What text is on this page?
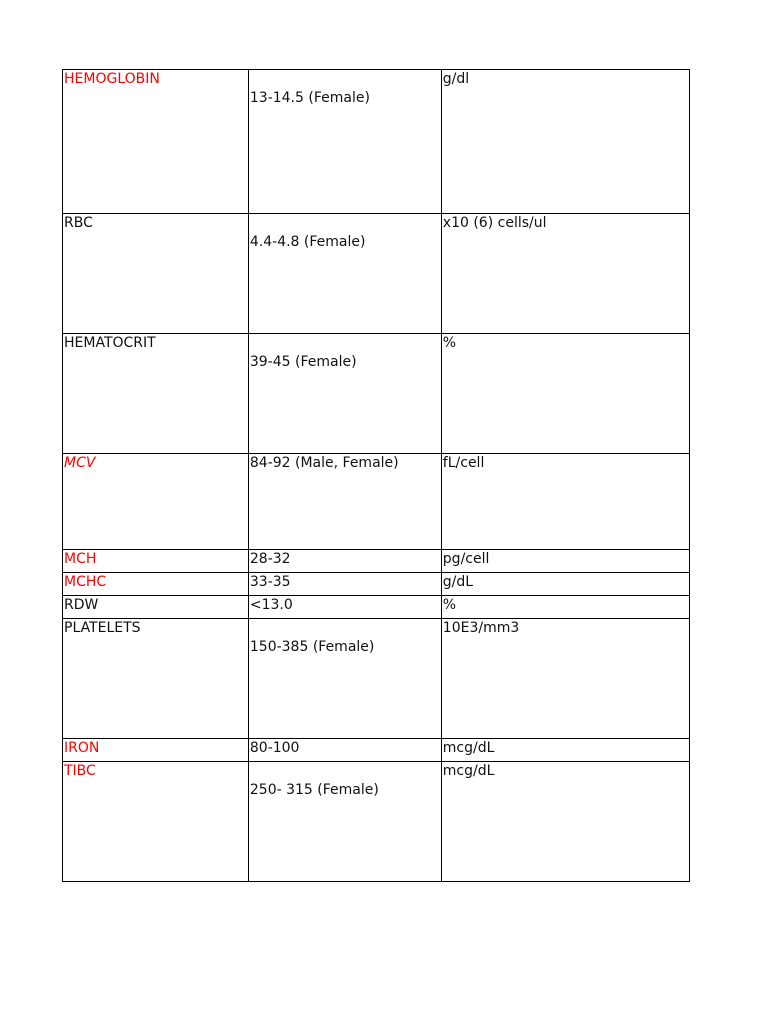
HEMOGLOBIN	13-14.5 (Female)	g/dl

RBC	4.4-4.8 (Female)	x10 (6) cells/ul

HEMATOCRIT	39-45 (Female)	%

MCV	84-92 (Male, Female)	fL/cell

MCH	28-32	pg/cell

MCHC	33-35	g/dL

RDW	<13.0	%

PLATELETS	150-385 (Female)	10E3/mm3

IRON	80-100	mcg/dL

TIBC	250- 315 (Female)	mcg/dL
